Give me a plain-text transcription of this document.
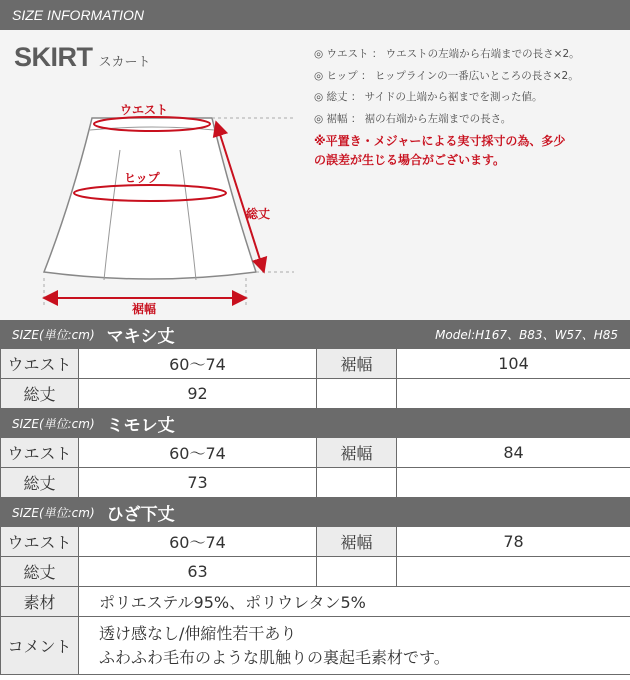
SIZE INFORMATION
ウエスト
ヒップ
総丈
裾幅
SKIRT スカート
◎ ウエスト ： ウエストの左端から右端までの長さ×2。
◎ ヒップ ： ヒップラインの一番広いところの長さ×2。
◎ 総丈 ： サイドの上端から裾までを測った値。
◎ 裾幅 ： 裾の右端から左端までの長さ。
※平置き・メジャーによる実寸採寸の為、多少
の誤差が生じる場合がございます。
SIZE(単位:cm) マキシ丈	Model:H167、B83、W57、H85
ウエスト	60～74	裾幅	104
総丈	92		
SIZE(単位:cm) ミモレ丈
ウエスト	60～74	裾幅	84
総丈	73		
SIZE(単位:cm) ひざ下丈
ウエスト	60～74	裾幅	78
総丈	63		
素材	ポリエステル95%、ポリウレタン5%		
コメント	透け感なし/伸縮性若干あり
ふわふわ毛布のような肌触りの裏起毛素材です。		
